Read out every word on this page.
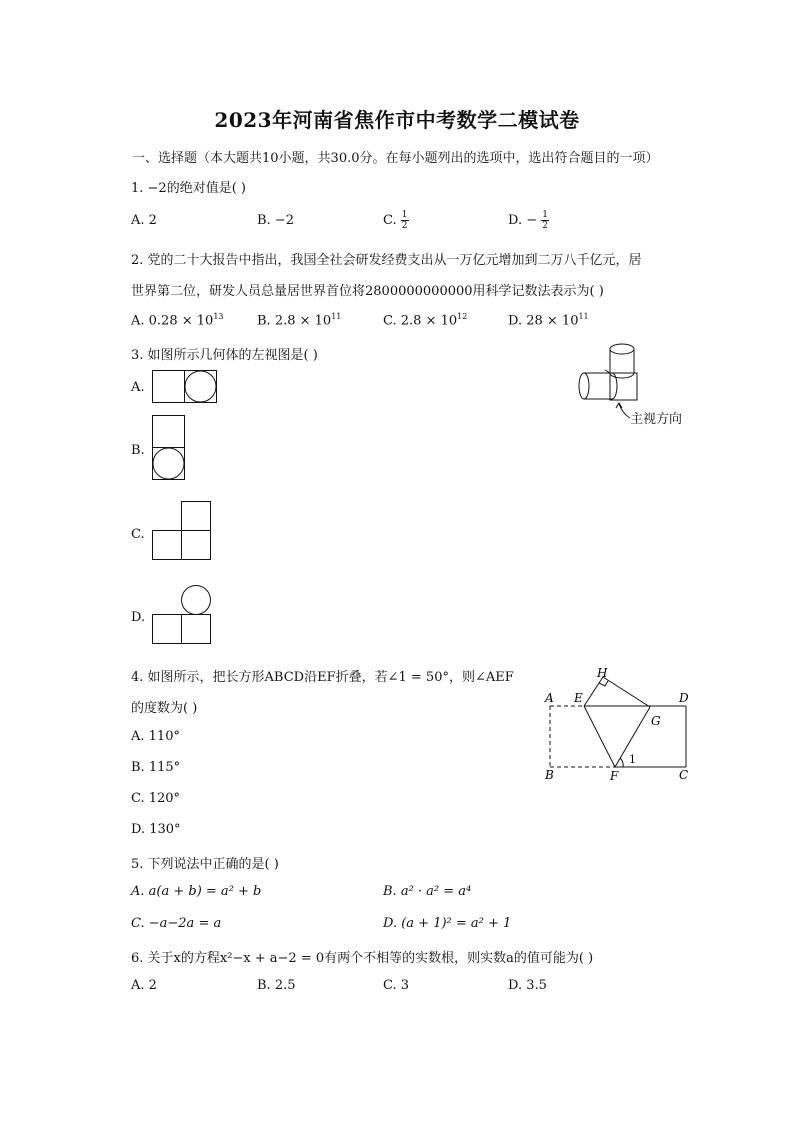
2023年河南省焦作市中考数学二模试卷
一、选择题（本大题共10小题，共30.0分。在每小题列出的选项中，选出符合题目的一项）
1. −2的绝对值是( )
A. 2	B. −2	C. $\frac{1}{2}$	D. − $\frac{1}{2}$
2. 党的二十大报告中指出，我国全社会研发经费支出从一万亿元增加到二万八千亿元，居
世界第二位，研发人员总量居世界首位将2800000000000用科学记数法表示为( )
A. $0.28 \times 10^{13}$	B. $2.8 \times 10^{11}$	C. $2.8 \times 10^{12}$	D. $28 \times 10^{11}$
3. 如图所示几何体的左视图是( )
A.
B.
C.
D.
主视方向
4. 如图所示，把长方形ABCD沿EF折叠，若∠1 = 50°，则∠AEF
的度数为( )
A. 110°
B. 115°
C. 120°
D. 130°
A
B	C
D
E
F
G
H
1
5. 下列说法中正确的是( )
A. a(a + b) = a² + b	B. a² · a² = a⁴
C. −a−2a = a	D. (a + 1)² = a² + 1
6. 关于x的方程x²−x + a−2 = 0有两个不相等的实数根，则实数a的值可能为( )
A. 2	B. 2.5	C. 3	D. 3.5
